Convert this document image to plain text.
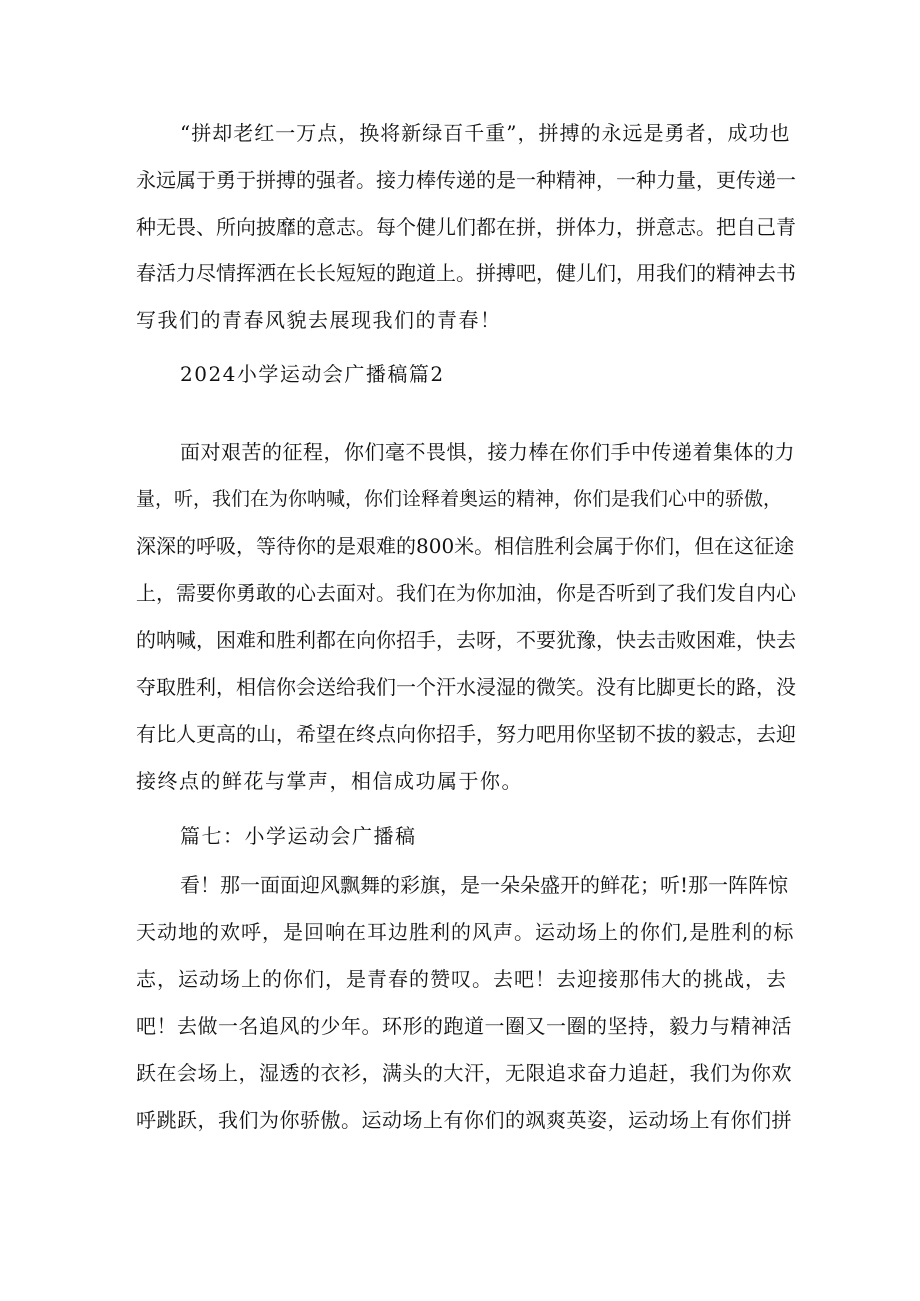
“拼却老红一万点，换将新绿百千重”，拼搏的永远是勇者，成功也
永远属于勇于拼搏的强者。接力棒传递的是一种精神，一种力量，更传递一
种无畏、所向披靡的意志。每个健儿们都在拼，拼体力，拼意志。把自己青
春活力尽情挥洒在长长短短的跑道上。拼搏吧，健儿们，用我们的精神去书
写我们的青春风貌去展现我们的青春！
2024小学运动会广播稿篇2
面对艰苦的征程，你们毫不畏惧，接力棒在你们手中传递着集体的力
量，听，我们在为你呐喊，你们诠释着奥运的精神，你们是我们心中的骄傲，
深深的呼吸，等待你的是艰难的800米。相信胜利会属于你们，但在这征途
上，需要你勇敢的心去面对。我们在为你加油，你是否听到了我们发自内心
的呐喊，困难和胜利都在向你招手，去呀，不要犹豫，快去击败困难，快去
夺取胜利，相信你会送给我们一个汗水浸湿的微笑。没有比脚更长的路，没
有比人更高的山，希望在终点向你招手，努力吧用你坚韧不拔的毅志，去迎
接终点的鲜花与掌声，相信成功属于你。
篇七：小学运动会广播稿
看！那一面面迎风飘舞的彩旗，是一朵朵盛开的鲜花；听!那一阵阵惊
天动地的欢呼，是回响在耳边胜利的风声。运动场上的你们,是胜利的标
志，运动场上的你们，是青春的赞叹。去吧！去迎接那伟大的挑战，去
吧！去做一名追风的少年。环形的跑道一圈又一圈的坚持，毅力与精神活
跃在会场上，湿透的衣衫，满头的大汗，无限追求奋力追赶，我们为你欢
呼跳跃，我们为你骄傲。运动场上有你们的飒爽英姿，运动场上有你们拼
